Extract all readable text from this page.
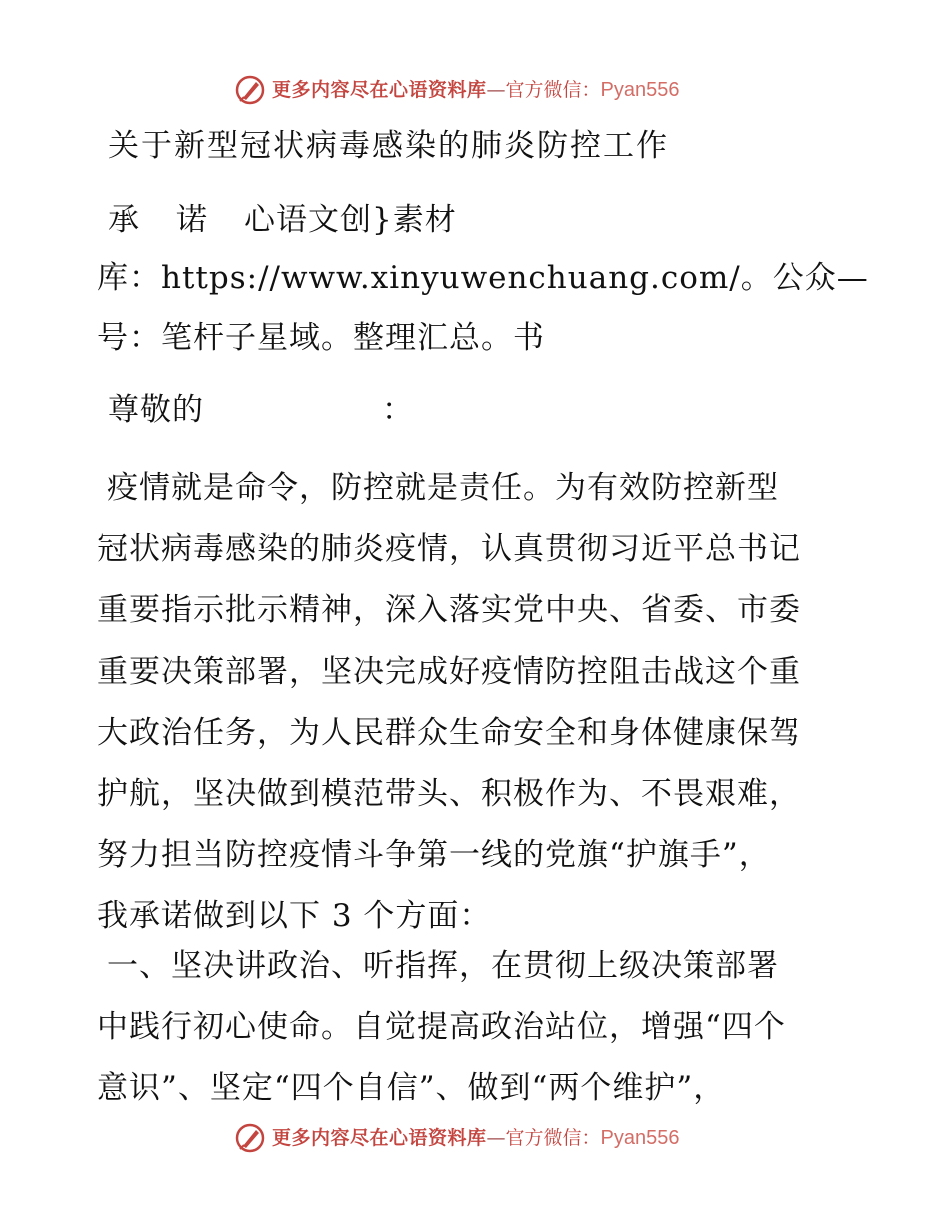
更多内容尽在心语资料库—官方微信：Pyan556
关于新型冠状病毒感染的肺炎防控工作
承 诺 心语文创}素材
库：https://www.xinyuwenchuang.com/。公众—
号：笔杆子星域。整理汇总。书
尊敬的	：
疫情就是命令，防控就是责任。为有效防控新型
冠状病毒感染的肺炎疫情，认真贯彻习近平总书记
重要指示批示精神，深入落实党中央、省委、市委
重要决策部署，坚决完成好疫情防控阻击战这个重
大政治任务，为人民群众生命安全和身体健康保驾
护航，坚决做到模范带头、积极作为、不畏艰难，
努力担当防控疫情斗争第一线的党旗“护旗手”，
我承诺做到以下 3 个方面：
一、坚决讲政治、听指挥，在贯彻上级决策部署
中践行初心使命。自觉提高政治站位，增强“四个
意识”、坚定“四个自信”、做到“两个维护”，
更多内容尽在心语资料库—官方微信：Pyan556
